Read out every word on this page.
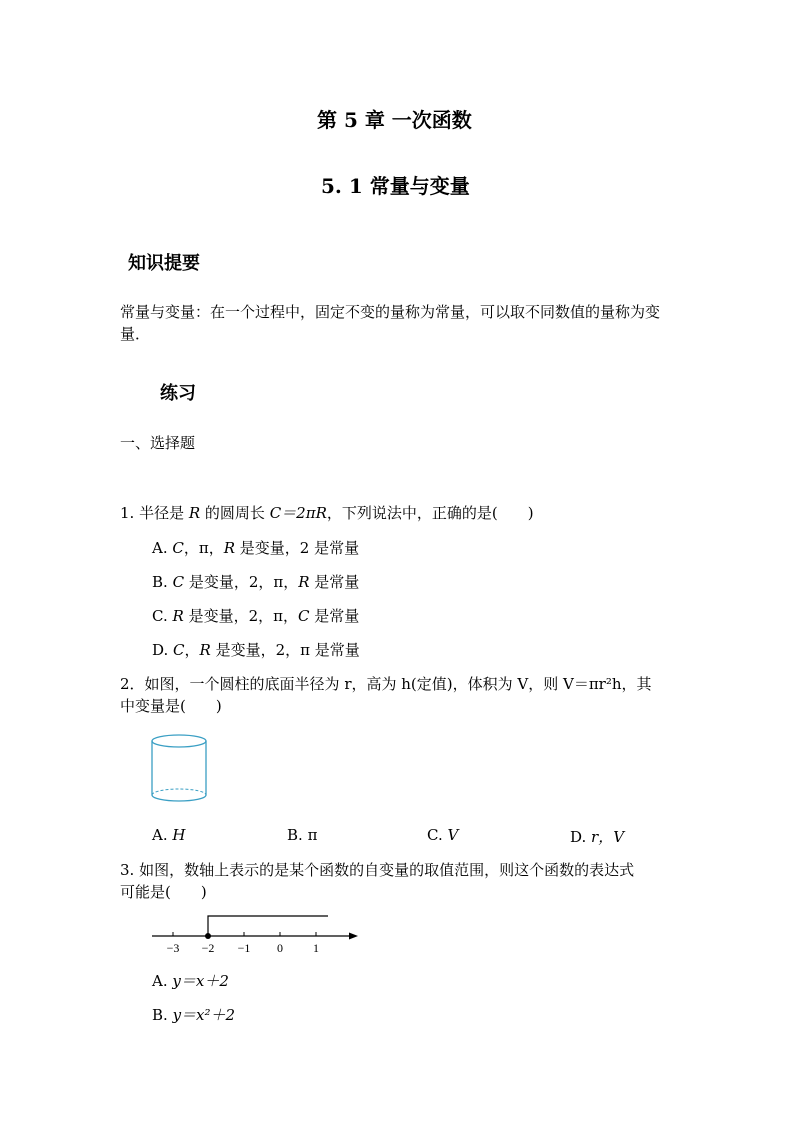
第 5 章 一次函数
5. 1 常量与变量
知识提要
常量与变量：在一个过程中，固定不变的量称为常量，可以取不同数值的量称为变量．
练习
一、选择题
1. 半径是 R 的圆周长 C＝2πR，下列说法中，正确的是(　　)
A. C，π，R 是变量，2 是常量
B. C 是变量，2，π，R 是常量
C. R 是变量，2，π，C 是常量
D. C，R 是变量，2，π 是常量
2．如图，一个圆柱的底面半径为 r，高为 h(定值)，体积为 V，则 V＝πr²h，其
中变量是(　　)
A. H	B. π	C. V	D. r，V
3. 如图，数轴上表示的是某个函数的自变量的取值范围，则这个函数的表达式
可能是(　　)
−3 −2 −1 0	1
A. y＝x＋2
B. y＝x²＋2
